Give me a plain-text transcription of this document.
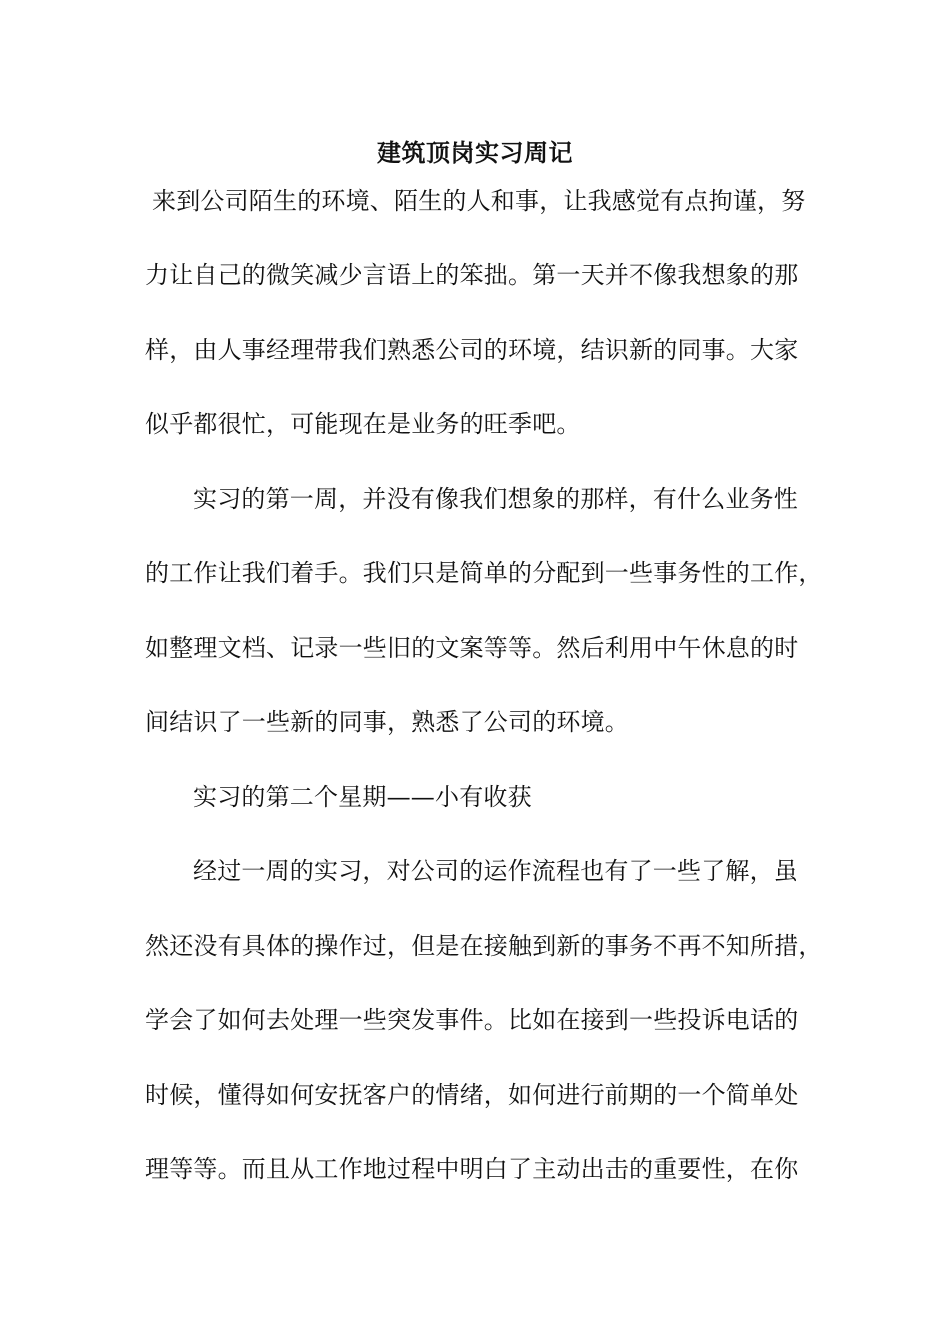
建筑顶岗实习周记
来到公司陌生的环境、陌生的人和事，让我感觉有点拘谨，努
力让自己的微笑减少言语上的笨拙。第一天并不像我想象的那
样，由人事经理带我们熟悉公司的环境，结识新的同事。大家
似乎都很忙，可能现在是业务的旺季吧。
实习的第一周，并没有像我们想象的那样，有什么业务性
的工作让我们着手。我们只是简单的分配到一些事务性的工作，
如整理文档、记录一些旧的文案等等。然后利用中午休息的时
间结识了一些新的同事，熟悉了公司的环境。
实习的第二个星期——小有收获
经过一周的实习，对公司的运作流程也有了一些了解，虽
然还没有具体的操作过，但是在接触到新的事务不再不知所措，
学会了如何去处理一些突发事件。比如在接到一些投诉电话的
时候，懂得如何安抚客户的情绪，如何进行前期的一个简单处
理等等。而且从工作地过程中明白了主动出击的重要性，在你
